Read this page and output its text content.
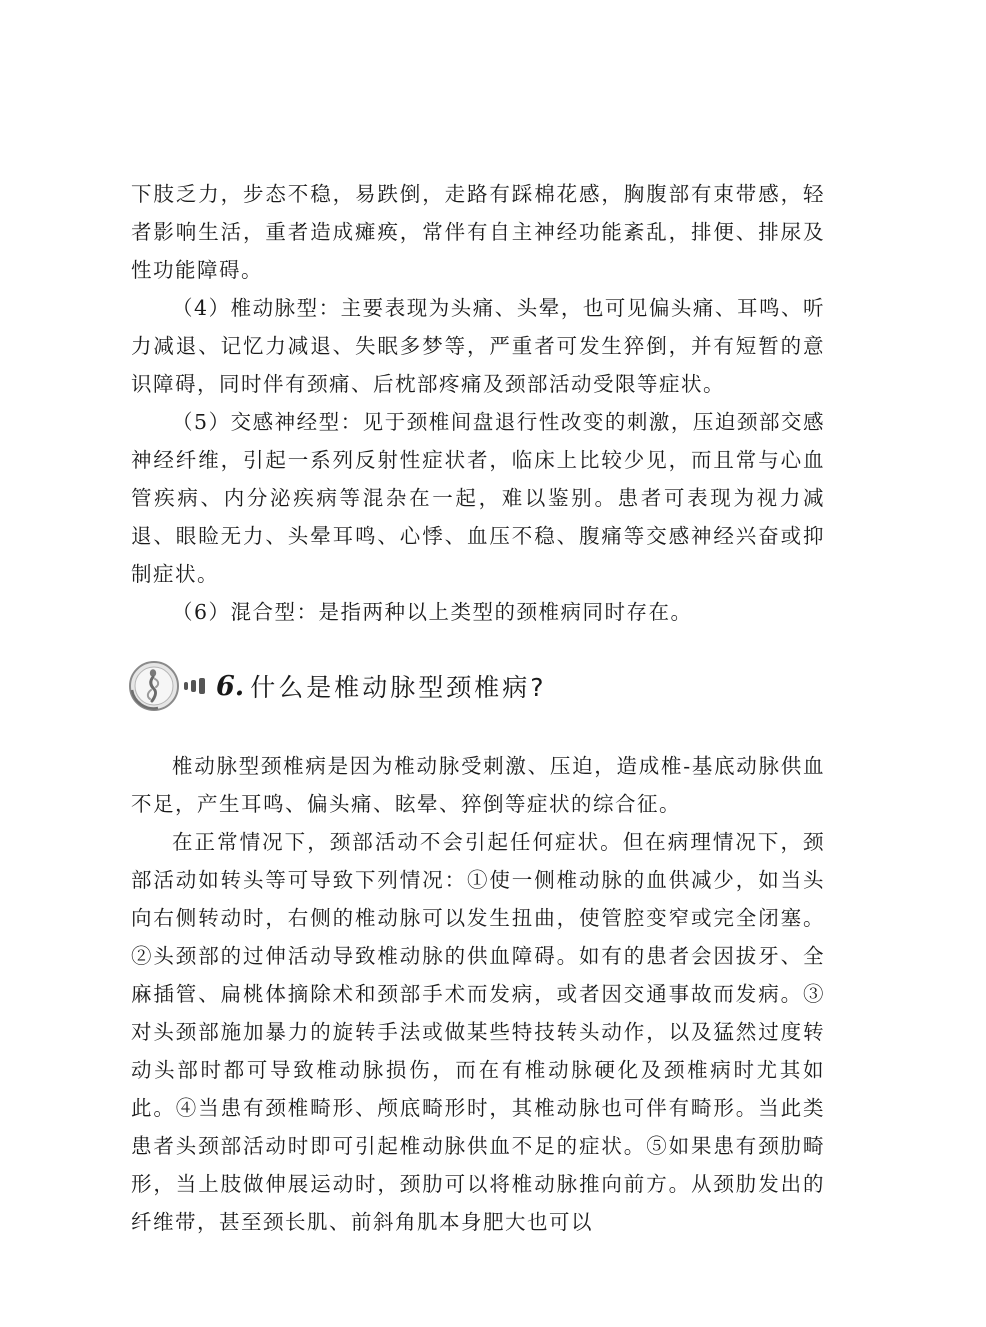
下肢乏力，步态不稳，易跌倒，走路有踩棉花感，胸腹部有束带感，轻者影响生活，重者造成瘫痪，常伴有自主神经功能紊乱，排便、排尿及性功能障碍。

（4）椎动脉型：主要表现为头痛、头晕，也可见偏头痛、耳鸣、听力减退、记忆力减退、失眠多梦等，严重者可发生猝倒，并有短暂的意识障碍，同时伴有颈痛、后枕部疼痛及颈部活动受限等症状。

（5）交感神经型：见于颈椎间盘退行性改变的刺激，压迫颈部交感神经纤维，引起一系列反射性症状者，临床上比较少见，而且常与心血管疾病、内分泌疾病等混杂在一起，难以鉴别。患者可表现为视力减退、眼睑无力、头晕耳鸣、心悸、血压不稳、腹痛等交感神经兴奋或抑制症状。

（6）混合型：是指两种以上类型的颈椎病同时存在。

6. 什么是椎动脉型颈椎病?

椎动脉型颈椎病是因为椎动脉受刺激、压迫，造成椎-基底动脉供血不足，产生耳鸣、偏头痛、眩晕、猝倒等症状的综合征。

在正常情况下，颈部活动不会引起任何症状。但在病理情况下，颈部活动如转头等可导致下列情况：①使一侧椎动脉的血供减少，如当头向右侧转动时，右侧的椎动脉可以发生扭曲，使管腔变窄或完全闭塞。②头颈部的过伸活动导致椎动脉的供血障碍。如有的患者会因拔牙、全麻插管、扁桃体摘除术和颈部手术而发病，或者因交通事故而发病。③对头颈部施加暴力的旋转手法或做某些特技转头动作，以及猛然过度转动头部时都可导致椎动脉损伤，而在有椎动脉硬化及颈椎病时尤其如此。④当患有颈椎畸形、颅底畸形时，其椎动脉也可伴有畸形。当此类患者头颈部活动时即可引起椎动脉供血不足的症状。⑤如果患有颈肋畸形，当上肢做伸展运动时，颈肋可以将椎动脉推向前方。从颈肋发出的纤维带，甚至颈长肌、前斜角肌本身肥大也可以
